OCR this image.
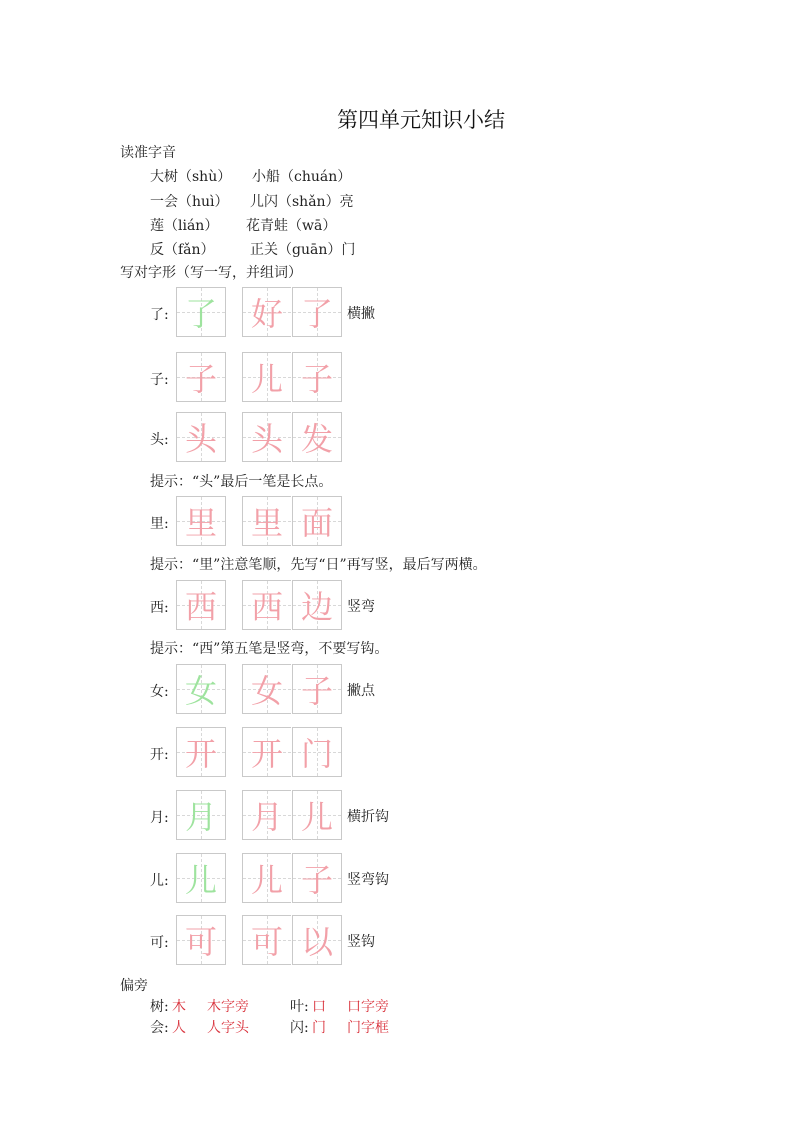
第四单元知识小结
读准字音
大树（shù） 小船（chuán）
一会（huì） 儿闪（shǎn）亮
莲（lián） 花青蛙（wā）
反（fǎn）	正关（guān）门
写对字形（写一写，并组词）
了: 了 好 了	横撇
子: 子 儿 子
头: 头 头 发
里: 里 里 面
西: 西 西 边	竖弯
女: 女 女 子	撇点
开: 开 开 门
月: 月 月 儿	横折钩
儿: 儿 儿 子	竖弯钩
可: 可 可 以	竖钩
提示：“头”最后一笔是长点。
提示：“里”注意笔顺，先写“日”再写竖，最后写两横。
提示：“西”第五笔是竖弯，不要写钩。
偏旁
树: 木 木字旁	叶: 口 口字旁
会: 人 人字头	闪: 门 门字框
